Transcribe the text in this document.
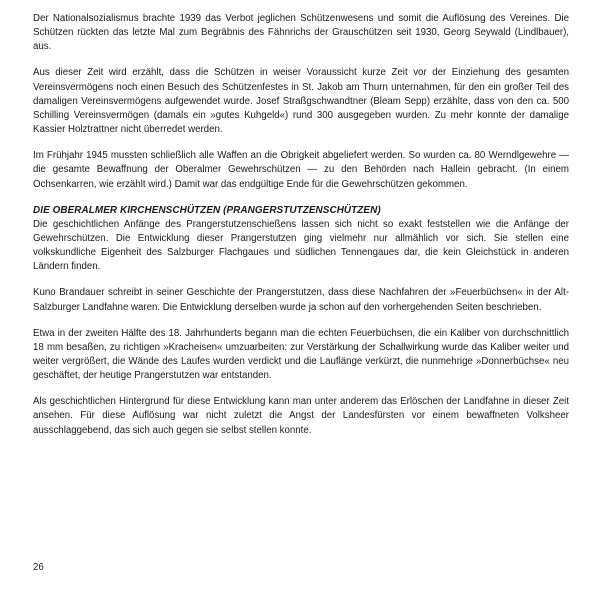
Der Nationalsozialismus brachte 1939 das Verbot jeglichen Schützenwesens und somit die Auflösung des Vereines. Die Schützen rückten das letzte Mal zum Begräbnis des Fähnrichs der Grauschützen seit 1930, Georg Seywald (Lindlbauer), aus.

Aus dieser Zeit wird erzählt, dass die Schützen in weiser Voraussicht kurze Zeit vor der Einziehung des gesamten Vereinsvermögens noch einen Besuch des Schützenfestes in St. Jakob am Thurn unternahmen, für den ein großer Teil des damaligen Vereinsvermögens aufgewendet wurde. Josef Straßgschwandtner (Bleam Sepp) erzählte, dass von den ca. 500 Schilling Vereinsvermögen (damals ein »gutes Kuhgeld«) rund 300 ausgegeben wurden. Zu mehr konnte der damalige Kassier Holztrattner nicht überredet werden.

Im Frühjahr 1945 mussten schließlich alle Waffen an die Obrigkeit abgeliefert werden. So wurden ca. 80 Werndlgewehre — die gesamte Bewaffnung der Oberalmer Gewehrschützen — zu den Behörden nach Hallein gebracht. (In einem Ochsenkarren, wie erzählt wird.) Damit war das endgültige Ende für die Gewehrschützen gekommen.

DIE OBERALMER KIRCHENSCHÜTZEN (PRANGERSTUTZENSCHÜTZEN)

Die geschichtlichen Anfänge des Prangerstutzenschießens lassen sich nicht so exakt feststellen wie die Anfänge der Gewehrschützen. Die Entwicklung dieser Prangerstutzen ging vielmehr nur allmählich vor sich. Sie stellen eine volkskundliche Eigenheit des Salzburger Flachgaues und südlichen Tennengaues dar, die kein Gleichstück in anderen Ländern finden.

Kuno Brandauer schreibt in seiner Geschichte der Prangerstutzen, dass diese Nachfahren der »Feuerbüchsen« in der Alt-Salzburger Landfahne waren. Die Entwicklung derselben wurde ja schon auf den vorhergehenden Seiten beschrieben.

Etwa in der zweiten Hälfte des 18. Jahrhunderts begann man die echten Feuerbüchsen, die ein Kaliber von durchschnittlich 18 mm besaßen, zu richtigen »Kracheisen« umzuarbeiten: zur Verstärkung der Schallwirkung wurde das Kaliber weiter und weiter vergrößert, die Wände des Laufes wurden verdickt und die Lauflänge verkürzt, die nunmehrige »Donnerbüchse« neu geschäftet, der heutige Prangerstutzen war entstanden.

Als geschichtlichen Hintergrund für diese Entwicklung kann man unter anderem das Erlöschen der Landfahne in dieser Zeit ansehen. Für diese Auflösung war nicht zuletzt die Angst der Landesfürsten vor einem bewaffneten Volksheer ausschlaggebend, das sich auch gegen sie selbst stellen konnte.

26
